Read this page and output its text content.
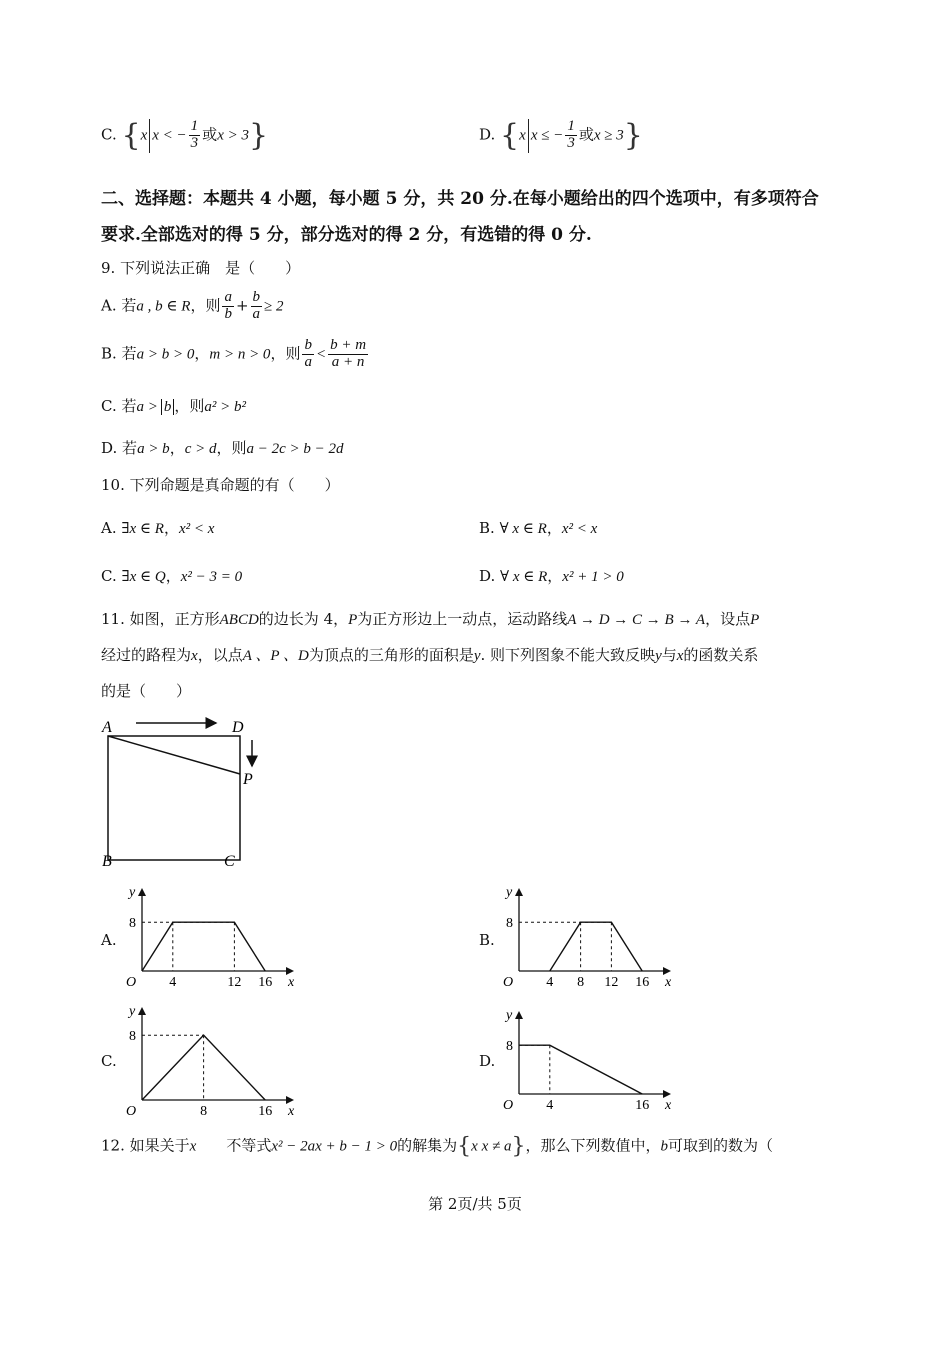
C. {x x < − $\frac{1}{3}$ 或x > 3}	D. {x x ≤ − $\frac{1}{3}$ 或x ≥ 3}
二、选择题：本题共 4 小题，每小题 5 分，共 20 分.在每小题给出的四个选项中，有多项符合
要求.全部选对的得 5 分，部分选对的得 2 分，有选错的得 0 分.
9. 下列说法正确　是（　　）
A. 若a , b ∈ R，则 $\frac{a}{b} + \frac{b}{a} \ge 2$
B. 若a > b > 0，m > n > 0，则 $\frac{b}{a} < \frac{b + m}{a + n}$
C. 若a > b ，则a² > b²
D. 若a > b，c > d，则a − 2c > b − 2d
10. 下列命题是真命题的有（　　）
A. ∃x ∈ R，x² < x	B. ∀ x ∈ R，x² < x
C. ∃x ∈ Q，x² − 3 = 0	D. ∀ x ∈ R，x² + 1 > 0
11. 如图，正方形ABCD的边长为 4，P为正方形边上一动点，运动路线A → D → C → B → A，设点P
经过的路程为x，以点A 、P 、D为顶点的三角形的面积是y. 则下列图象不能大致反映y与x的函数关系
的是（　　）
A	D
P
B	C
A.	B.
C.	D.
y
O	x
8
4	12 16
y
O	x
8
4 8 12 16
y
O	x
8
8	16
y
O	x
8
4	16
12. 如果关于x　　 不等式x² − 2ax + b − 1 > 0的解集为{x x ≠ a}，那么下列数值中，b可取到的数为（
第 2页/共 5页
